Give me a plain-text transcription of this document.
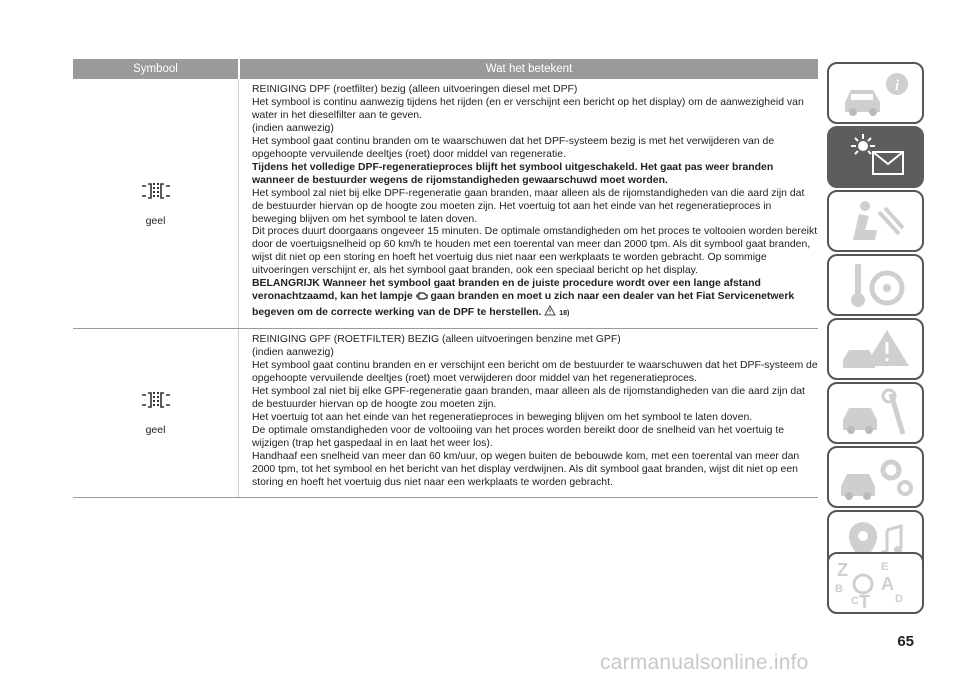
Symbool	Wat het betekent
geel

REINIGING DPF (roetfilter) bezig (alleen uitvoeringen diesel met DPF)

Het symbool is continu aanwezig tijdens het rijden (en er verschijnt een bericht op het display) om de aanwezigheid van water in het dieselfilter aan te geven.

(indien aanwezig)

Het symbool gaat continu branden om te waarschuwen dat het DPF-systeem bezig is met het verwijderen van de opgehoopte vervuilende deeltjes (roet) door middel van regeneratie.

Tijdens het volledige DPF-regeneratieproces blijft het symbool uitgeschakeld. Het gaat pas weer branden wanneer de bestuurder wegens de rijomstandigheden gewaarschuwd moet worden.

Het symbool zal niet bij elke DPF-regeneratie gaan branden, maar alleen als de rijomstandigheden van die aard zijn dat de bestuurder hiervan op de hoogte zou moeten zijn. Het voertuig tot aan het einde van het regeneratieproces in beweging blijven om het symbool te laten doven.

Dit proces duurt doorgaans ongeveer 15 minuten. De optimale omstandigheden om het proces te voltooien worden bereikt door de voertuigsnelheid op 60 km/h te houden met een toerental van meer dan 2000 tpm. Als dit symbool gaat branden, wijst dit niet op een storing en hoeft het voertuig dus niet naar een werkplaats te worden gebracht. Op sommige uitvoeringen verschijnt er, als het symbool gaat branden, ook een speciaal bericht op het display.

BELANGRIJK Wanneer het symbool gaat branden en de juiste procedure wordt over een lange afstand veronachtzaamd, kan het lampje gaan branden en moet u zich naar een dealer van het Fiat Servicenetwerk begeven om de correcte werking van de DPF te herstellen.	18)

geel

REINIGING GPF (ROETFILTER) BEZIG (alleen uitvoeringen benzine met GPF)

(indien aanwezig)

Het symbool gaat continu branden en er verschijnt een bericht om de bestuurder te waarschuwen dat het DPF-systeem de opgehoopte vervuilende deeltjes (roet) moet verwijderen door middel van het regeneratieproces.

Het symbool zal niet bij elke GPF-regeneratie gaan branden, maar alleen als de rijomstandigheden van die aard zijn dat de bestuurder hiervan op de hoogte zou moeten zijn.

Het voertuig tot aan het einde van het regeneratieproces in beweging blijven om het symbool te laten doven.

De optimale omstandigheden voor de voltooiing van het proces worden bereikt door de snelheid van het voertuig te wijzigen (trap het gaspedaal in en laat het weer los).

Handhaaf een snelheid van meer dan 60 km/uur, op wegen buiten de bebouwde kom, met een toerental van meer dan 2000 tpm, tot het symbool en het bericht van het display verdwijnen. Als dit symbool gaat branden, wijst dit niet op een storing en hoeft het voertuig dus niet naar een werkplaats te worden gebracht.

i
Z	E
A
B
C T D
65
carmanualsonline.info
